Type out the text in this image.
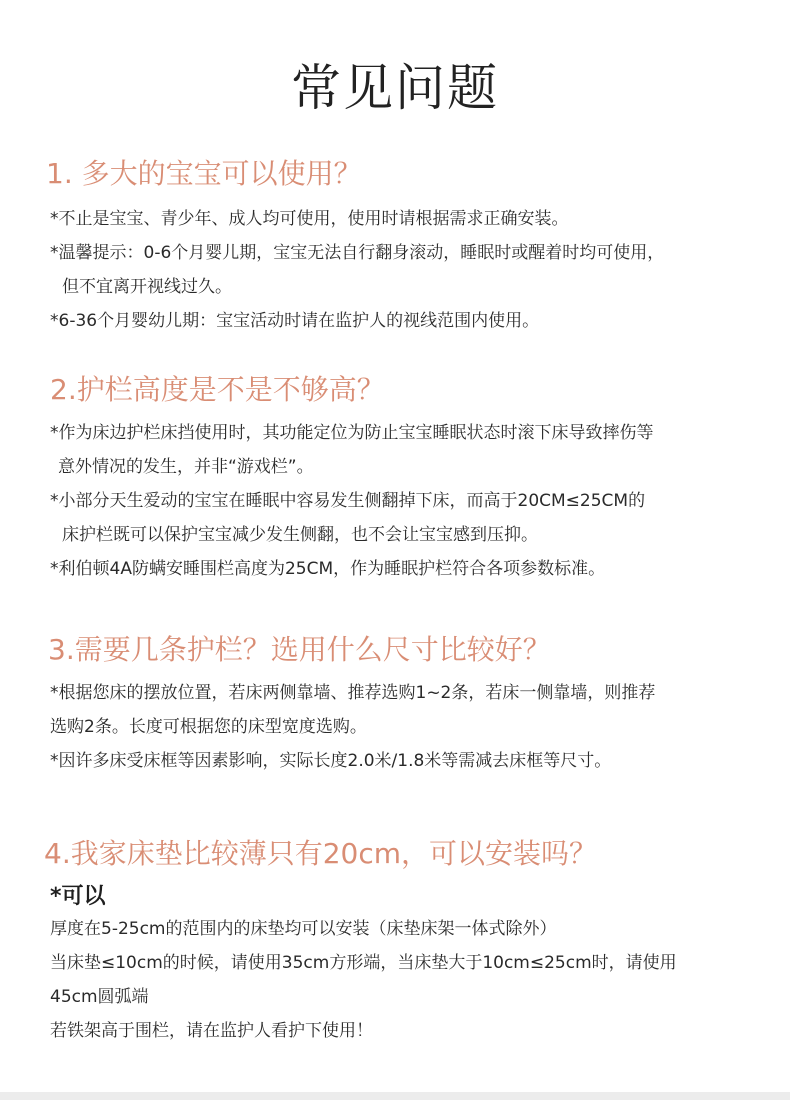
常见问题
1. 多大的宝宝可以使用？
*不止是宝宝、青少年、成人均可使用，使用时请根据需求正确安装。
*温馨提示：0-6个月婴儿期，宝宝无法自行翻身滚动，睡眠时或醒着时均可使用，
但不宜离开视线过久。
*6-36个月婴幼儿期：宝宝活动时请在监护人的视线范围内使用。
2.护栏高度是不是不够高？
*作为床边护栏床挡使用时，其功能定位为防止宝宝睡眠状态时滚下床导致摔伤等
意外情况的发生，并非“游戏栏”。
*小部分天生爱动的宝宝在睡眠中容易发生侧翻掉下床，而高于20CM≤25CM的
床护栏既可以保护宝宝减少发生侧翻，也不会让宝宝感到压抑。
*利伯顿4A防螨安睡围栏高度为25CM，作为睡眠护栏符合各项参数标准。
3.需要几条护栏？选用什么尺寸比较好？
*根据您床的摆放位置，若床两侧靠墙、推荐选购1~2条，若床一侧靠墙，则推荐
选购2条。长度可根据您的床型宽度选购。
*因许多床受床框等因素影响，实际长度2.0米/1.8米等需减去床框等尺寸。
4.我家床垫比较薄只有20cm，可以安装吗？
*可以
厚度在5-25cm的范围内的床垫均可以安装（床垫床架一体式除外）
当床垫≤10cm的时候，请使用35cm方形端，当床垫大于10cm≤25cm时，请使用
45cm圆弧端
若铁架高于围栏，请在监护人看护下使用！
